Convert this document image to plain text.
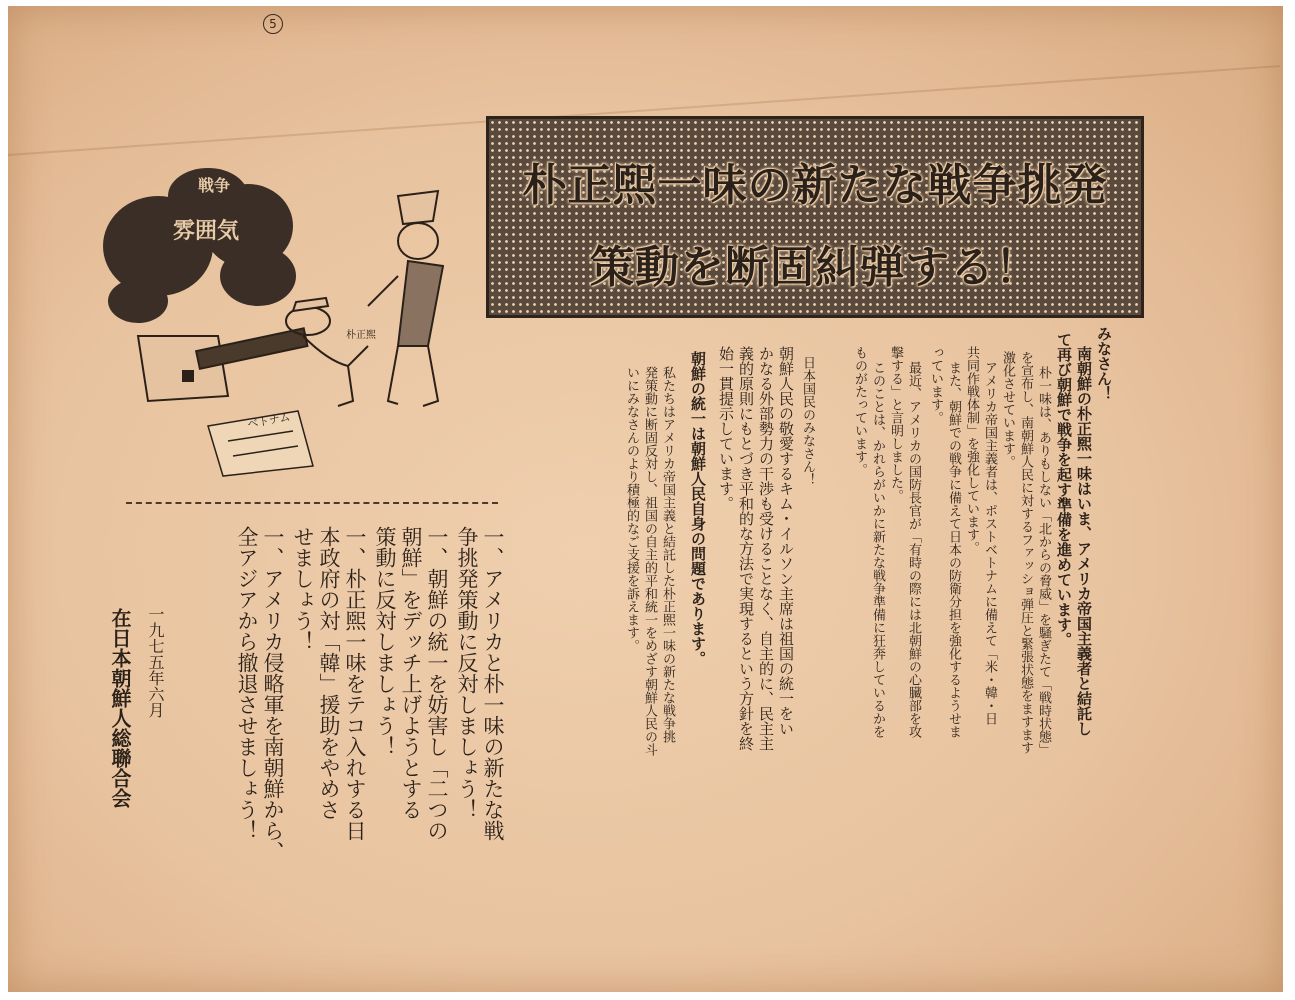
5
戦争
雰囲気
朴正煕
ベトナム
朴正煕一味の新たな戦争挑発
策動を断固糾弾する！
みなさん！
南朝鮮の朴正煕一味はいま、アメリカ帝国主義者と結託し
て再び朝鮮で戦争を起す準備を進めています。
朴一味は、ありもしない「北からの脅威」を騒ぎたて「戦時状態」
を宣布し、南朝鮮人民に対するファッショ弾圧と緊張状態をますます
激化させています。
アメリカ帝国主義者は、ポストベトナムに備えて「米・韓・日
共同作戦体制」を強化しています。
また、朝鮮での戦争に備えて日本の防衛分担を強化するようせま
っています。
最近、アメリカの国防長官が「有時の際には北朝鮮の心臓部を攻
撃する」と言明しました。
このことは、かれらがいかに新たな戦争準備に狂奔しているかを
ものがたっています。
日本国民のみなさん！
朝鮮人民の敬愛するキム・イルソン主席は祖国の統一をい
かなる外部勢力の干渉も受けることなく、自主的に、民主主
義的原則にもとづき平和的な方法で実現するという方針を終
始一貫提示しています。
朝鮮の統一は朝鮮人民自身の問題であります。
私たちはアメリカ帝国主義と結託した朴正煕一味の新たな戦争挑
発策動に断固反対し、祖国の自主的平和統一をめざす朝鮮人民の斗
いにみなさんのより積極的なご支援を訴えます。
一、アメリカと朴一味の新たな戦
争挑発策動に反対しましょう！
一、朝鮮の統一を妨害し「二つの
朝鮮」をデッチ上げようとする
策動に反対しましょう！
一、朴正煕一味をテコ入れする日
本政府の対「韓」援助をやめさ
せましょう！
一、アメリカ侵略軍を南朝鮮から、
全アジアから撤退させましょう！
一九七五年六月
在日本朝鮮人総聯合会
